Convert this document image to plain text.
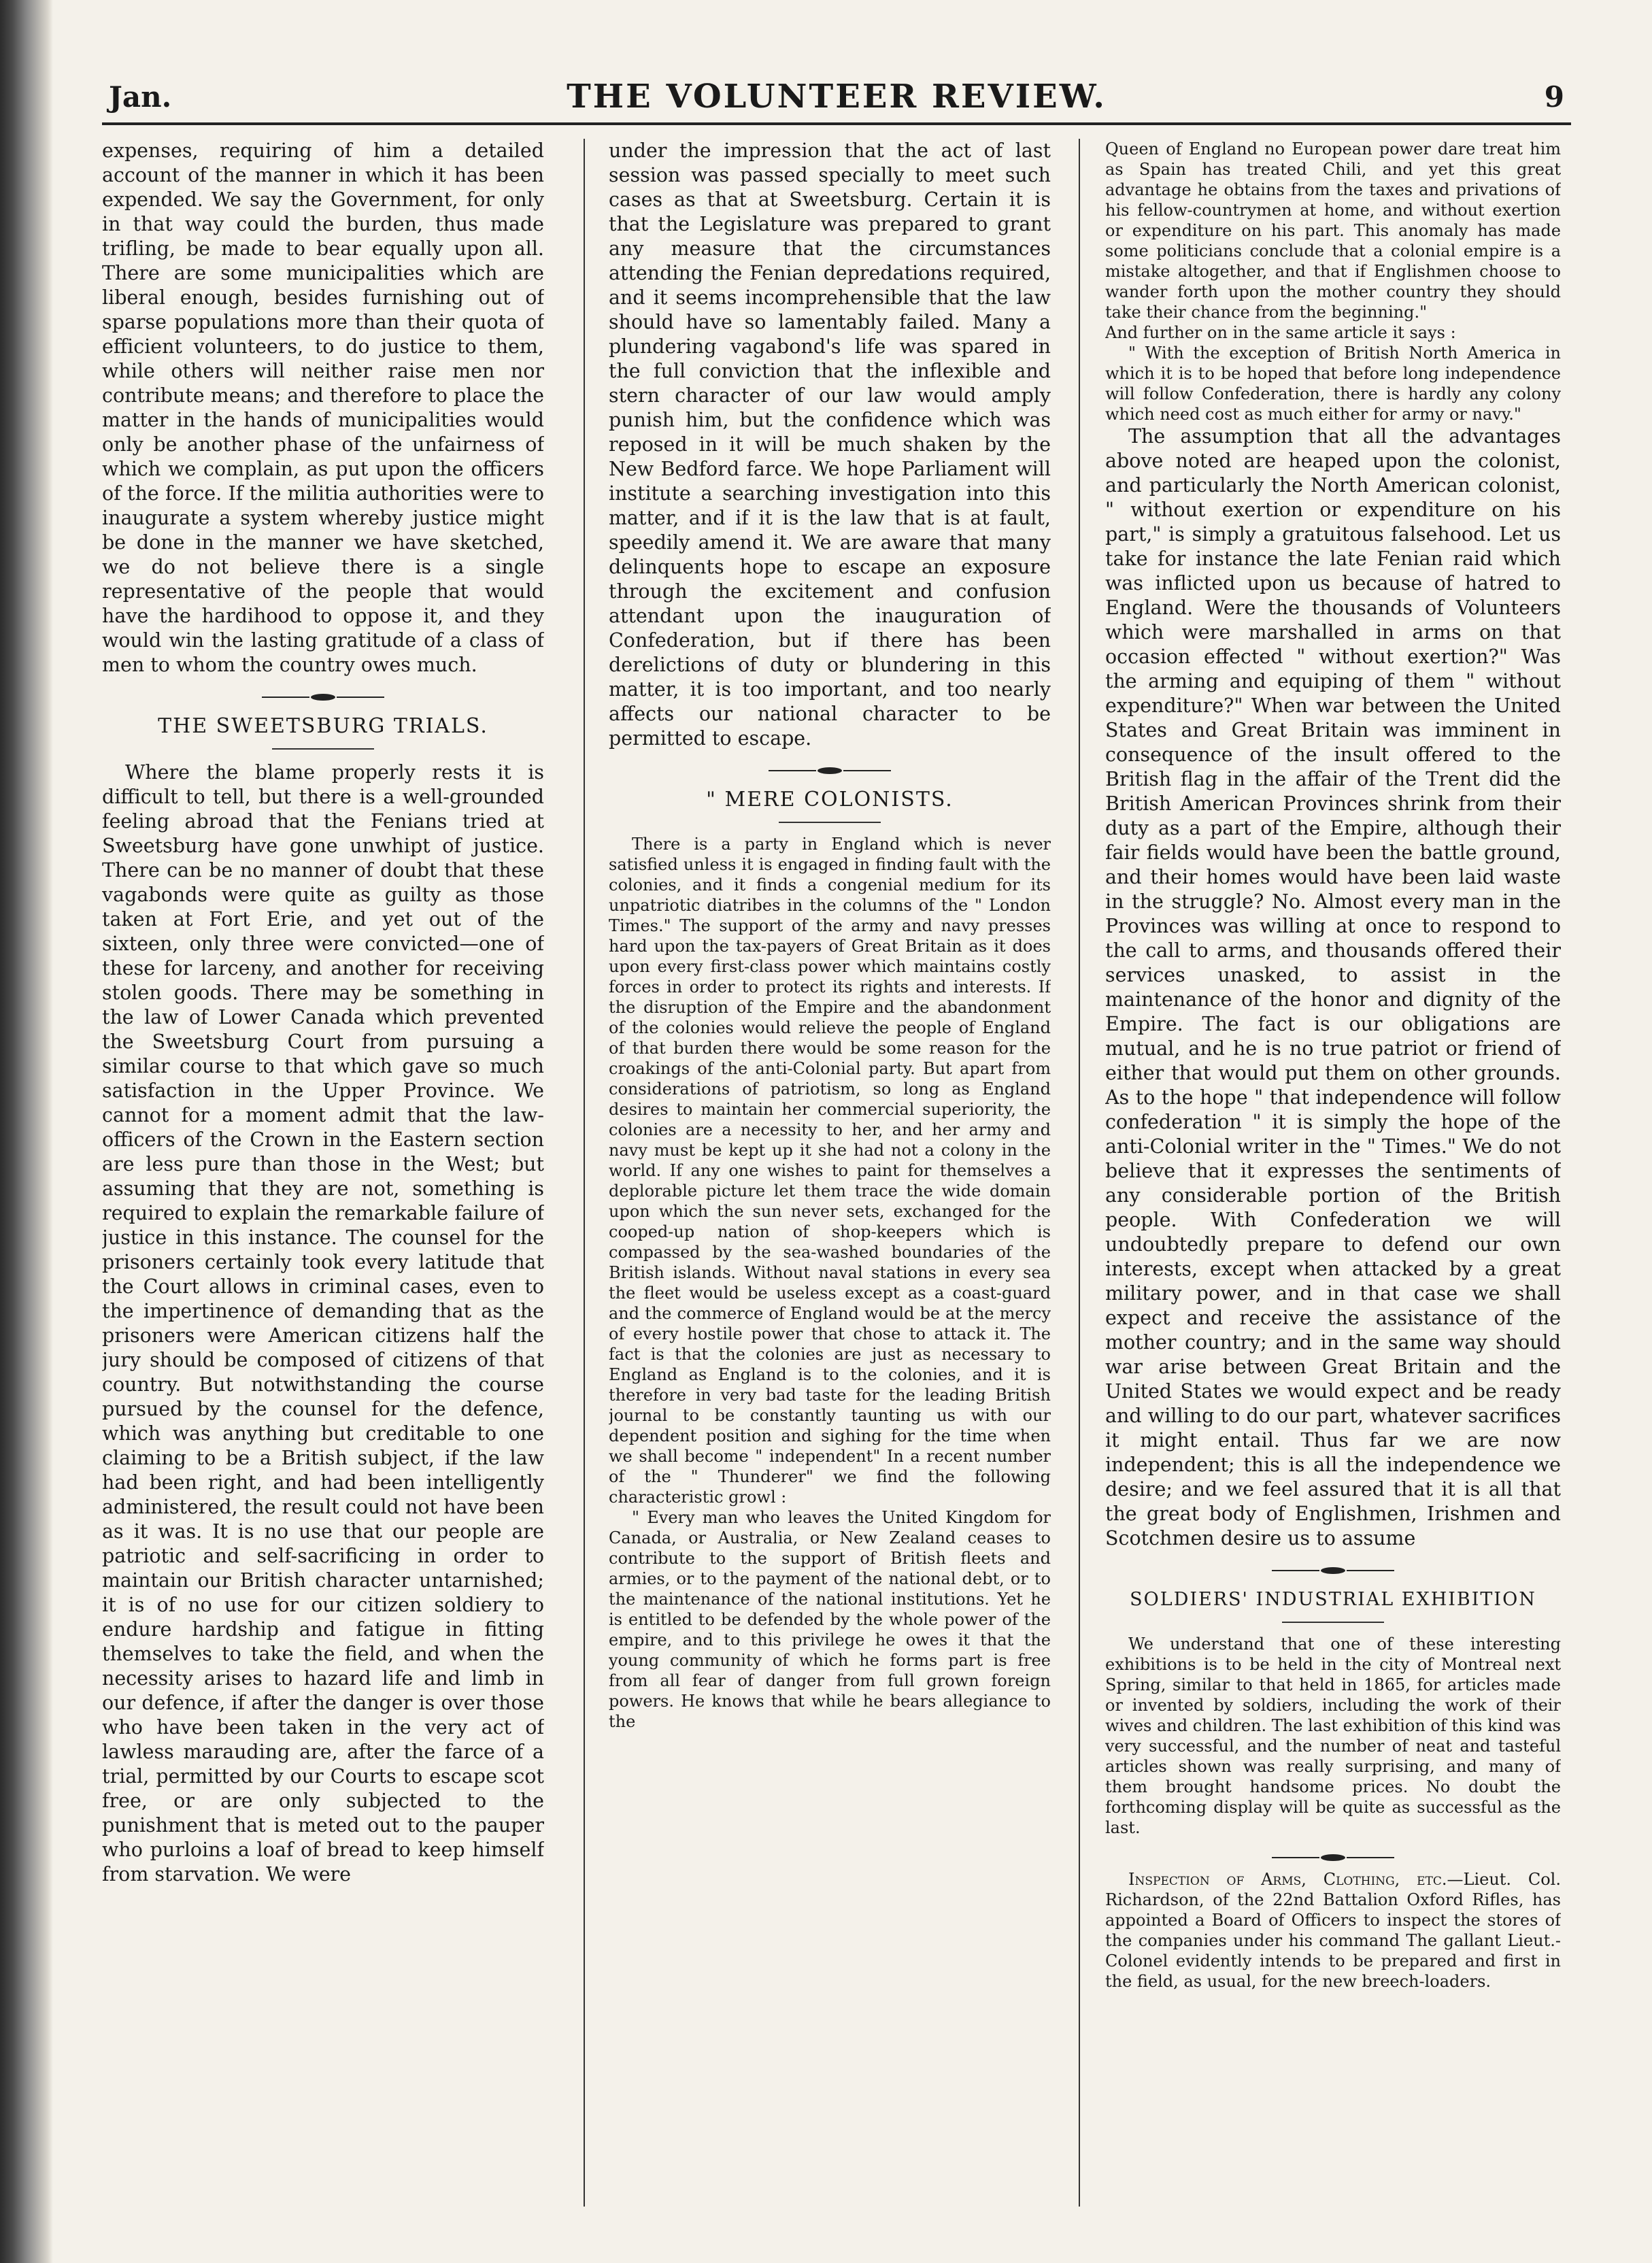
Jan.	THE VOLUNTEER REVIEW.	9

expenses, requiring of him a detailed account of the manner in which it has been expended. We say the Government, for only in that way could the burden, thus made trifling, be made to bear equally upon all. There are some municipalities which are liberal enough, besides furnishing out of sparse populations more than their quota of efficient volunteers, to do justice to them, while others will neither raise men nor contribute means; and therefore to place the matter in the hands of municipalities would only be another phase of the unfairness of which we complain, as put upon the officers of the force. If the militia authorities were to inaugurate a system whereby justice might be done in the manner we have sketched, we do not believe there is a single representative of the people that would have the hardihood to oppose it, and they would win the lasting gratitude of a class of men to whom the country owes much.

THE SWEETSBURG TRIALS.

Where the blame properly rests it is difficult to tell, but there is a well-grounded feeling abroad that the Fenians tried at Sweetsburg have gone unwhipt of justice. There can be no manner of doubt that these vagabonds were quite as guilty as those taken at Fort Erie, and yet out of the sixteen, only three were convicted—one of these for larceny, and another for receiving stolen goods. There may be something in the law of Lower Canada which prevented the Sweetsburg Court from pursuing a similar course to that which gave so much satisfaction in the Upper Province. We cannot for a moment admit that the law-officers of the Crown in the Eastern section are less pure than those in the West; but assuming that they are not, something is required to explain the remarkable failure of justice in this instance. The counsel for the prisoners certainly took every latitude that the Court allows in criminal cases, even to the impertinence of demanding that as the prisoners were American citizens half the jury should be composed of citizens of that country. But notwithstanding the course pursued by the counsel for the defence, which was anything but creditable to one claiming to be a British subject, if the law had been right, and had been intelligently administered, the result could not have been as it was. It is no use that our people are patriotic and self-sacrificing in order to maintain our British character untarnished; it is of no use for our citizen soldiery to endure hardship and fatigue in fitting themselves to take the field, and when the necessity arises to hazard life and limb in our defence, if after the danger is over those who have been taken in the very act of lawless marauding are, after the farce of a trial, permitted by our Courts to escape scot free, or are only subjected to the punishment that is meted out to the pauper who purloins a loaf of bread to keep himself from starvation. We were

under the impression that the act of last session was passed specially to meet such cases as that at Sweetsburg. Certain it is that the Legislature was prepared to grant any measure that the circumstances attending the Fenian depredations required, and it seems incomprehensible that the law should have so lamentably failed. Many a plundering vagabond's life was spared in the full conviction that the inflexible and stern character of our law would amply punish him, but the confidence which was reposed in it will be much shaken by the New Bedford farce. We hope Parliament will institute a searching investigation into this matter, and if it is the law that is at fault, speedily amend it. We are aware that many delinquents hope to escape an exposure through the excitement and confusion attendant upon the inauguration of Confederation, but if there has been derelictions of duty or blundering in this matter, it is too important, and too nearly affects our national character to be permitted to escape.

" MERE COLONISTS.

There is a party in England which is never satisfied unless it is engaged in finding fault with the colonies, and it finds a congenial medium for its unpatriotic diatribes in the columns of the " London Times." The support of the army and navy presses hard upon the tax-payers of Great Britain as it does upon every first-class power which maintains costly forces in order to protect its rights and interests. If the disruption of the Empire and the abandonment of the colonies would relieve the people of England of that burden there would be some reason for the croakings of the anti-Colonial party. But apart from considerations of patriotism, so long as England desires to maintain her commercial superiority, the colonies are a necessity to her, and her army and navy must be kept up it she had not a colony in the world. If any one wishes to paint for themselves a deplorable picture let them trace the wide domain upon which the sun never sets, exchanged for the cooped-up nation of shop-keepers which is compassed by the sea-washed boundaries of the British islands. Without naval stations in every sea the fleet would be useless except as a coast-guard and the commerce of England would be at the mercy of every hostile power that chose to attack it. The fact is that the colonies are just as necessary to England as England is to the colonies, and it is therefore in very bad taste for the leading British journal to be constantly taunting us with our dependent position and sighing for the time when we shall become " independent" In a recent number of the " Thunderer" we find the following characteristic growl :

" Every man who leaves the United Kingdom for Canada, or Australia, or New Zealand ceases to contribute to the support of British fleets and armies, or to the payment of the national debt, or to the maintenance of the national institutions. Yet he is entitled to be defended by the whole power of the empire, and to this privilege he owes it that the young community of which he forms part is free from all fear of danger from full grown foreign powers. He knows that while he bears allegiance to the

Queen of England no European power dare treat him as Spain has treated Chili, and yet this great advantage he obtains from the taxes and privations of his fellow-countrymen at home, and without exertion or expenditure on his part. This anomaly has made some politicians conclude that a colonial empire is a mistake altogether, and that if Englishmen choose to wander forth upon the mother country they should take their chance from the beginning."

And further on in the same article it says :

" With the exception of British North America in which it is to be hoped that before long independence will follow Confederation, there is hardly any colony which need cost as much either for army or navy."

The assumption that all the advantages above noted are heaped upon the colonist, and particularly the North American colonist, " without exertion or expenditure on his part," is simply a gratuitous falsehood. Let us take for instance the late Fenian raid which was inflicted upon us because of hatred to England. Were the thousands of Volunteers which were marshalled in arms on that occasion effected " without exertion?" Was the arming and equiping of them " without expenditure?" When war between the United States and Great Britain was imminent in consequence of the insult offered to the British flag in the affair of the Trent did the British American Provinces shrink from their duty as a part of the Empire, although their fair fields would have been the battle ground, and their homes would have been laid waste in the struggle? No. Almost every man in the Provinces was willing at once to respond to the call to arms, and thousands offered their services unasked, to assist in the maintenance of the honor and dignity of the Empire. The fact is our obligations are mutual, and he is no true patriot or friend of either that would put them on other grounds. As to the hope " that independence will follow confederation " it is simply the hope of the anti-Colonial writer in the " Times." We do not believe that it expresses the sentiments of any considerable portion of the British people. With Confederation we will undoubtedly prepare to defend our own interests, except when attacked by a great military power, and in that case we shall expect and receive the assistance of the mother country; and in the same way should war arise between Great Britain and the United States we would expect and be ready and willing to do our part, whatever sacrifices it might entail. Thus far we are now independent; this is all the independence we desire; and we feel assured that it is all that the great body of Englishmen, Irishmen and Scotchmen desire us to assume

SOLDIERS' INDUSTRIAL EXHIBITION

We understand that one of these interesting exhibitions is to be held in the city of Montreal next Spring, similar to that held in 1865, for articles made or invented by soldiers, including the work of their wives and children. The last exhibition of this kind was very successful, and the number of neat and tasteful articles shown was really surprising, and many of them brought handsome prices. No doubt the forthcoming display will be quite as successful as the last.

Inspection of Arms, Clothing, etc.—Lieut. Col. Richardson, of the 22nd Battalion Oxford Rifles, has appointed a Board of Officers to inspect the stores of the companies under his command The gallant Lieut.-Colonel evidently intends to be prepared and first in the field, as usual, for the new breech-loaders.
